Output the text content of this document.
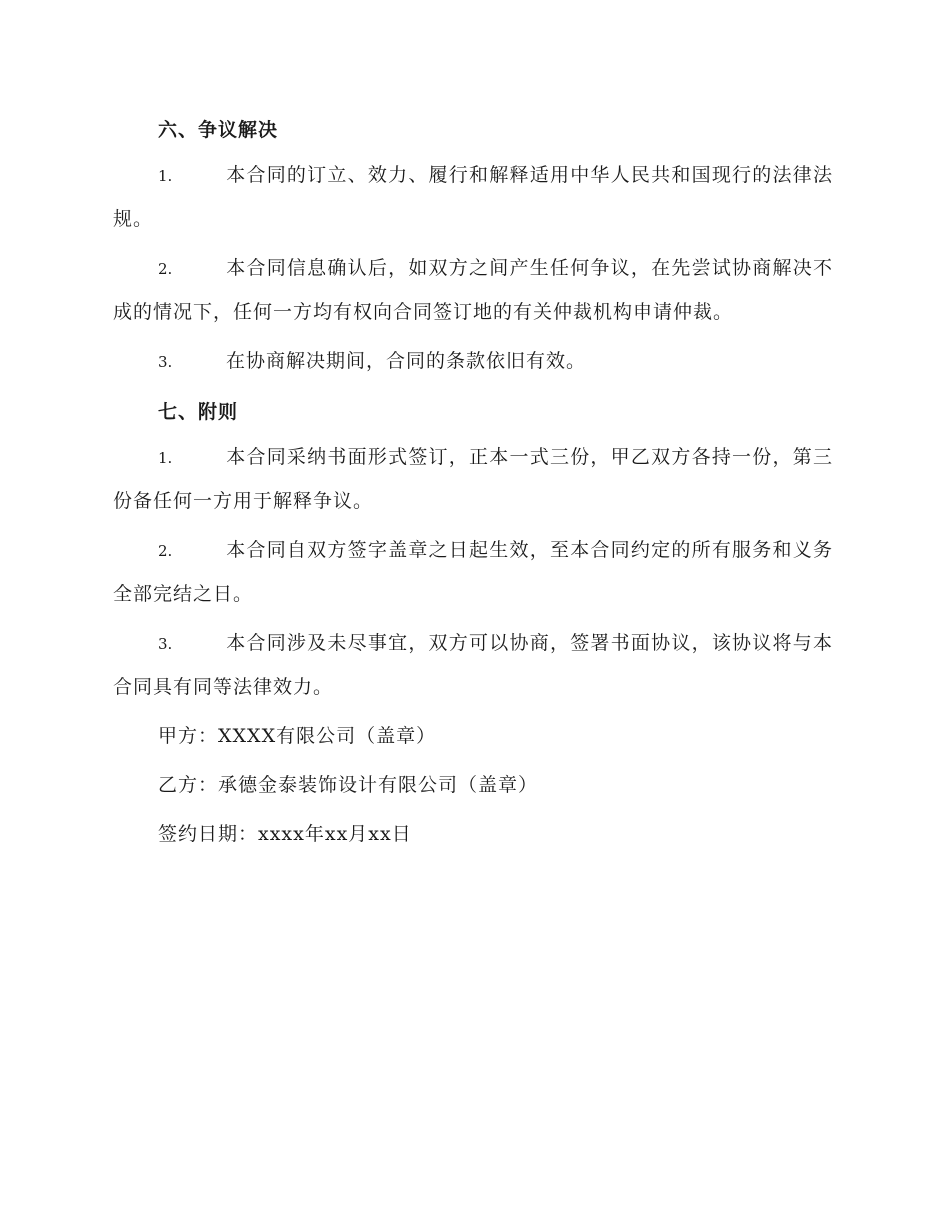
六、争议解决
1.	本合同的订立、效力、履行和解释适用中华人民共和国现行的法律法规。
2.	本合同信息确认后，如双方之间产生任何争议，在先尝试协商解决不成的情况下，任何一方均有权向合同签订地的有关仲裁机构申请仲裁。
3.	在协商解决期间，合同的条款依旧有效。
七、附则
1.	本合同采纳书面形式签订，正本一式三份，甲乙双方各持一份，第三份备任何一方用于解释争议。
2.	本合同自双方签字盖章之日起生效，至本合同约定的所有服务和义务全部完结之日。
3.	本合同涉及未尽事宜，双方可以协商，签署书面协议，该协议将与本合同具有同等法律效力。
甲方：XXXX有限公司（盖章）
乙方：承德金泰装饰设计有限公司（盖章）
签约日期：xxxx年xx月xx日
